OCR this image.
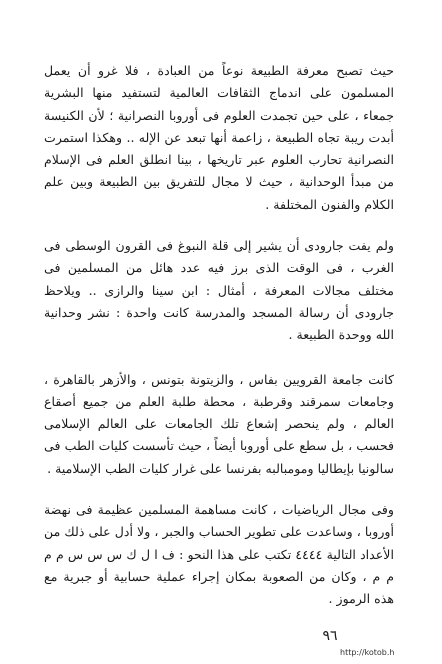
حيث تصبح معرفة الطبيعة نوعاً من العبادة ، فلا غرو أن يعمل المسلمون على اندماج الثقافات العالمية لتستفيد منها البشرية جمعاء ، على حين تجمدت العلوم فى أوروبا النصرانية ؛ لأن الكنيسة أبدت ريبة تجاه الطبيعة ، زاعمة أنها تبعد عن الإله .. وهكذا استمرت النصرانية تحارب العلوم عبر تاريخها ، بينا انطلق العلم فى الإسلام من مبدأ الوحدانية ، حيث لا مجال للتفريق بين الطبيعة وبين علم الكلام والفنون المختلفة .

ولم يفت جارودى أن يشير إلى قلة النبوغ فى القرون الوسطى فى الغرب ، فى الوقت الذى برز فيه عدد هائل من المسلمين فى مختلف مجالات المعرفة ، أمثال : ابن سينا والرازى .. ويلاحظ جارودى أن رسالة المسجد والمدرسة كانت واحدة : نشر وحدانية الله ووحدة الطبيعة .

كانت جامعة القرويين بفاس ، والزيتونة بتونس ، والأزهر بالقاهرة ، وجامعات سمرقند وقرطبة ، محطة طلبة العلم من جميع أصقاع العالم ، ولم ينحصر إشعاع تلك الجامعات على العالم الإسلامى فحسب ، بل سطع على أوروبا أيضاً ، حيث تأسست كليات الطب فى سالونيا بإيطاليا ومومبالبه بفرنسا على غرار كليات الطب الإسلامية .

وفى مجال الرياضيات ، كانت مساهمة المسلمين عظيمة فى نهضة أوروبا ، وساعدت على تطوير الحساب والجبر ، ولا أدل على ذلك من الأعداد التالية ٤٤٤٤ تكتب على هذا النحو : ف ا ل ك س س س م م م م ، وكان من الصعوبة بمكان إجراء عملية حسابية أو جبرية مع هذه الرموز .

٩٦
http://kotob.h
